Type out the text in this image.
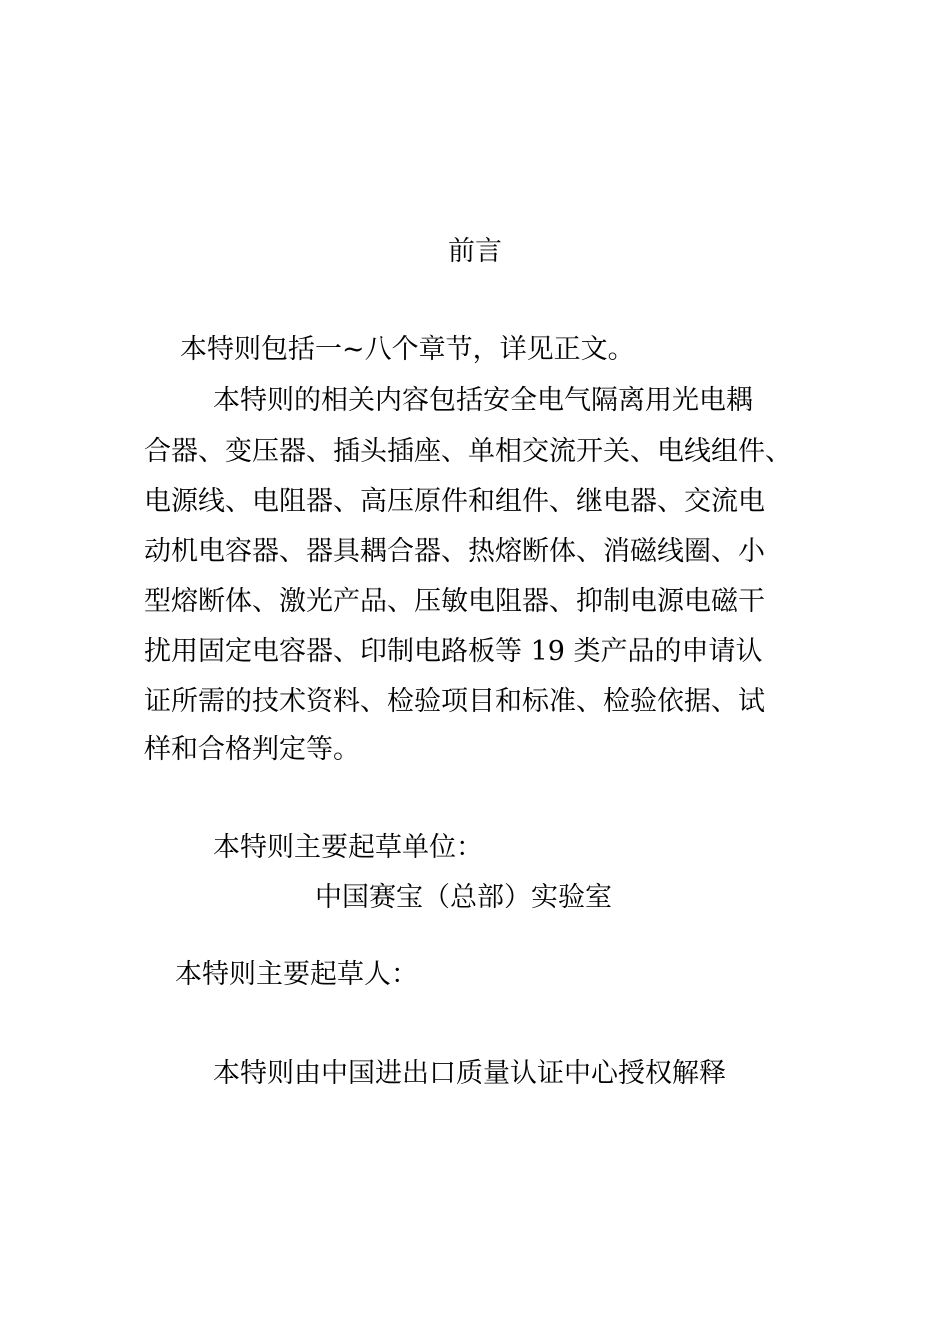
前言
本特则包括一~八个章节，详见正文。
本特则的相关内容包括安全电气隔离用光电耦
合器、变压器、插头插座、单相交流开关、电线组件、
电源线、电阻器、高压原件和组件、继电器、交流电
动机电容器、器具耦合器、热熔断体、消磁线圈、小
型熔断体、激光产品、压敏电阻器、抑制电源电磁干
扰用固定电容器、印制电路板等 19 类产品的申请认
证所需的技术资料、检验项目和标准、检验依据、试
样和合格判定等。
本特则主要起草单位：
中国赛宝（总部）实验室
本特则主要起草人：
本特则由中国进出口质量认证中心授权解释
